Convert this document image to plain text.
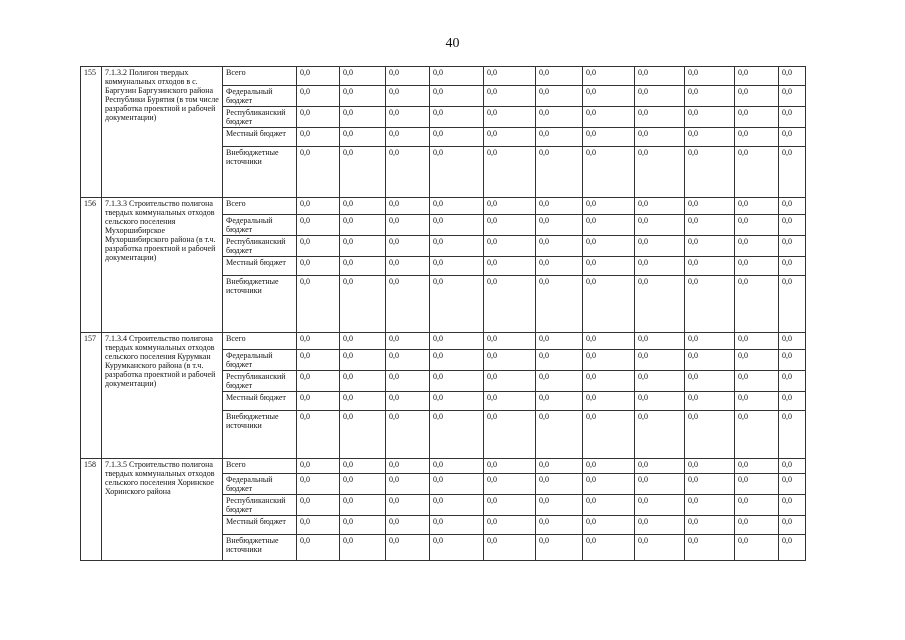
40
155	7.1.3.2 Полигон твердых коммунальных отходов в с. Баргузин Баргузинского района Республики Бурятия (в том числе разработка проектной и рабочей документации)	Всего	0,0	0,0	0,0	0,0	0,0	0,0	0,0	0,0	0,0	0,0	0,0
		Федеральный бюджет	0,0	0,0	0,0	0,0	0,0	0,0	0,0	0,0	0,0	0,0	0,0
		Республиканский бюджет	0,0	0,0	0,0	0,0	0,0	0,0	0,0	0,0	0,0	0,0	0,0
		Местный бюджет	0,0	0,0	0,0	0,0	0,0	0,0	0,0	0,0	0,0	0,0	0,0
		Внебюджетные источники	0,0	0,0	0,0	0,0	0,0	0,0	0,0	0,0	0,0	0,0	0,0
156	7.1.3.3 Строительство полигона твердых коммунальных отходов сельского поселения Мухоршибирское Мухоршибирского района (в т.ч. разработка проектной и рабочей документации)	Всего	0,0	0,0	0,0	0,0	0,0	0,0	0,0	0,0	0,0	0,0	0,0
		Федеральный бюджет	0,0	0,0	0,0	0,0	0,0	0,0	0,0	0,0	0,0	0,0	0,0
		Республиканский бюджет	0,0	0,0	0,0	0,0	0,0	0,0	0,0	0,0	0,0	0,0	0,0
		Местный бюджет	0,0	0,0	0,0	0,0	0,0	0,0	0,0	0,0	0,0	0,0	0,0
		Внебюджетные источники	0,0	0,0	0,0	0,0	0,0	0,0	0,0	0,0	0,0	0,0	0,0
157	7.1.3.4 Строительство полигона твердых коммунальных отходов сельского поселения Курумкан Курумканского района (в т.ч. разработка проектной и рабочей документации)	Всего	0,0	0,0	0,0	0,0	0,0	0,0	0,0	0,0	0,0	0,0	0,0
		Федеральный бюджет	0,0	0,0	0,0	0,0	0,0	0,0	0,0	0,0	0,0	0,0	0,0
		Республиканский бюджет	0,0	0,0	0,0	0,0	0,0	0,0	0,0	0,0	0,0	0,0	0,0
		Местный бюджет	0,0	0,0	0,0	0,0	0,0	0,0	0,0	0,0	0,0	0,0	0,0
		Внебюджетные источники	0,0	0,0	0,0	0,0	0,0	0,0	0,0	0,0	0,0	0,0	0,0
158	7.1.3.5 Строительство полигона твердых коммунальных отходов сельского поселения Хоринское Хоринского района	Всего	0,0	0,0	0,0	0,0	0,0	0,0	0,0	0,0	0,0	0,0	0,0
		Федеральный бюджет	0,0	0,0	0,0	0,0	0,0	0,0	0,0	0,0	0,0	0,0	0,0
		Республиканский бюджет	0,0	0,0	0,0	0,0	0,0	0,0	0,0	0,0	0,0	0,0	0,0
		Местный бюджет	0,0	0,0	0,0	0,0	0,0	0,0	0,0	0,0	0,0	0,0	0,0
		Внебюджетные источники	0,0	0,0	0,0	0,0	0,0	0,0	0,0	0,0	0,0	0,0	0,0
